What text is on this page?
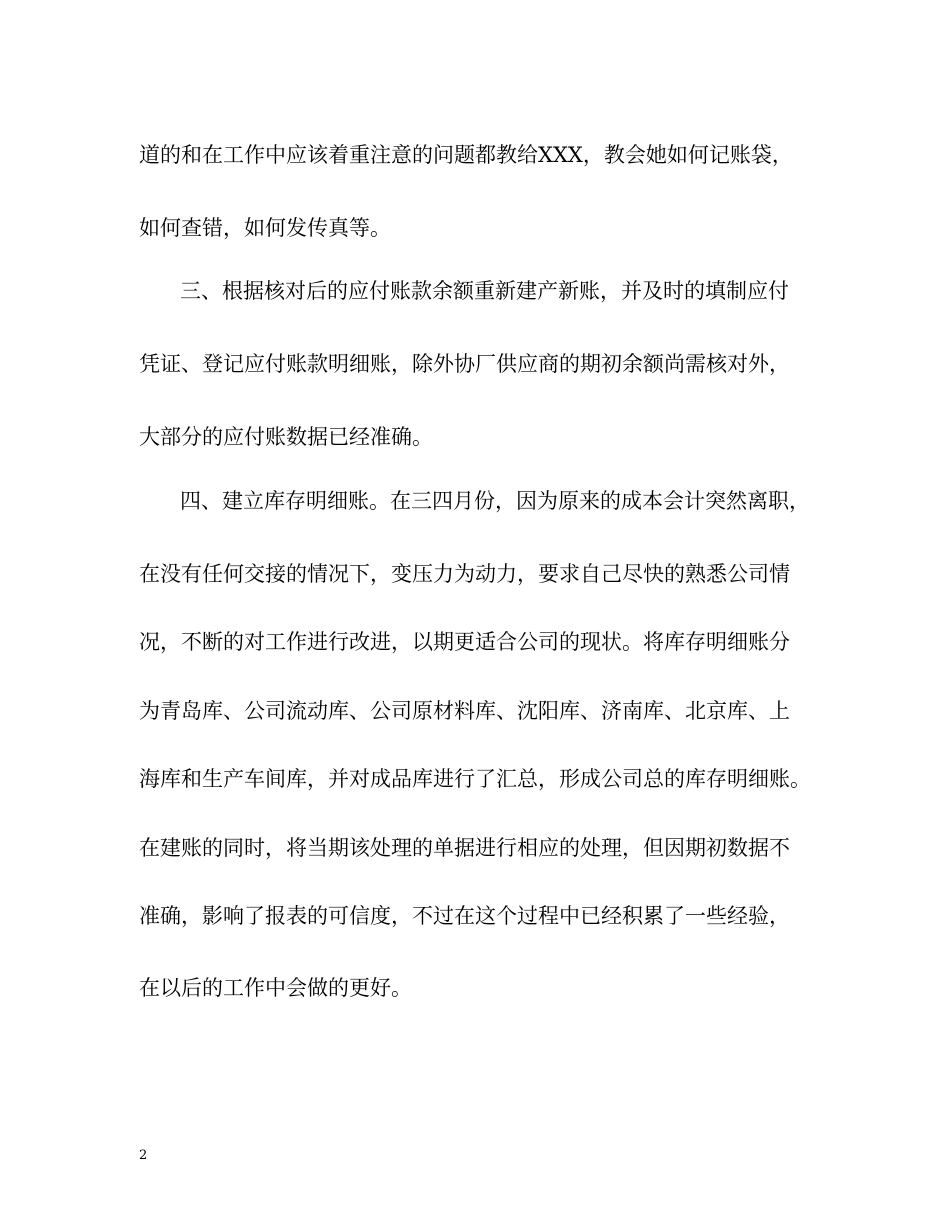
道的和在工作中应该着重注意的问题都教给XXX，教会她如何记账袋，
如何查错，如何发传真等。
三、根据核对后的应付账款余额重新建产新账，并及时的填制应付
凭证、登记应付账款明细账，除外协厂供应商的期初余额尚需核对外，
大部分的应付账数据已经准确。
四、建立库存明细账。在三四月份，因为原来的成本会计突然离职，
在没有任何交接的情况下，变压力为动力，要求自己尽快的熟悉公司情
况，不断的对工作进行改进，以期更适合公司的现状。将库存明细账分
为青岛库、公司流动库、公司原材料库、沈阳库、济南库、北京库、上
海库和生产车间库，并对成品库进行了汇总，形成公司总的库存明细账。
在建账的同时，将当期该处理的单据进行相应的处理，但因期初数据不
准确，影响了报表的可信度，不过在这个过程中已经积累了一些经验，
在以后的工作中会做的更好。
2
